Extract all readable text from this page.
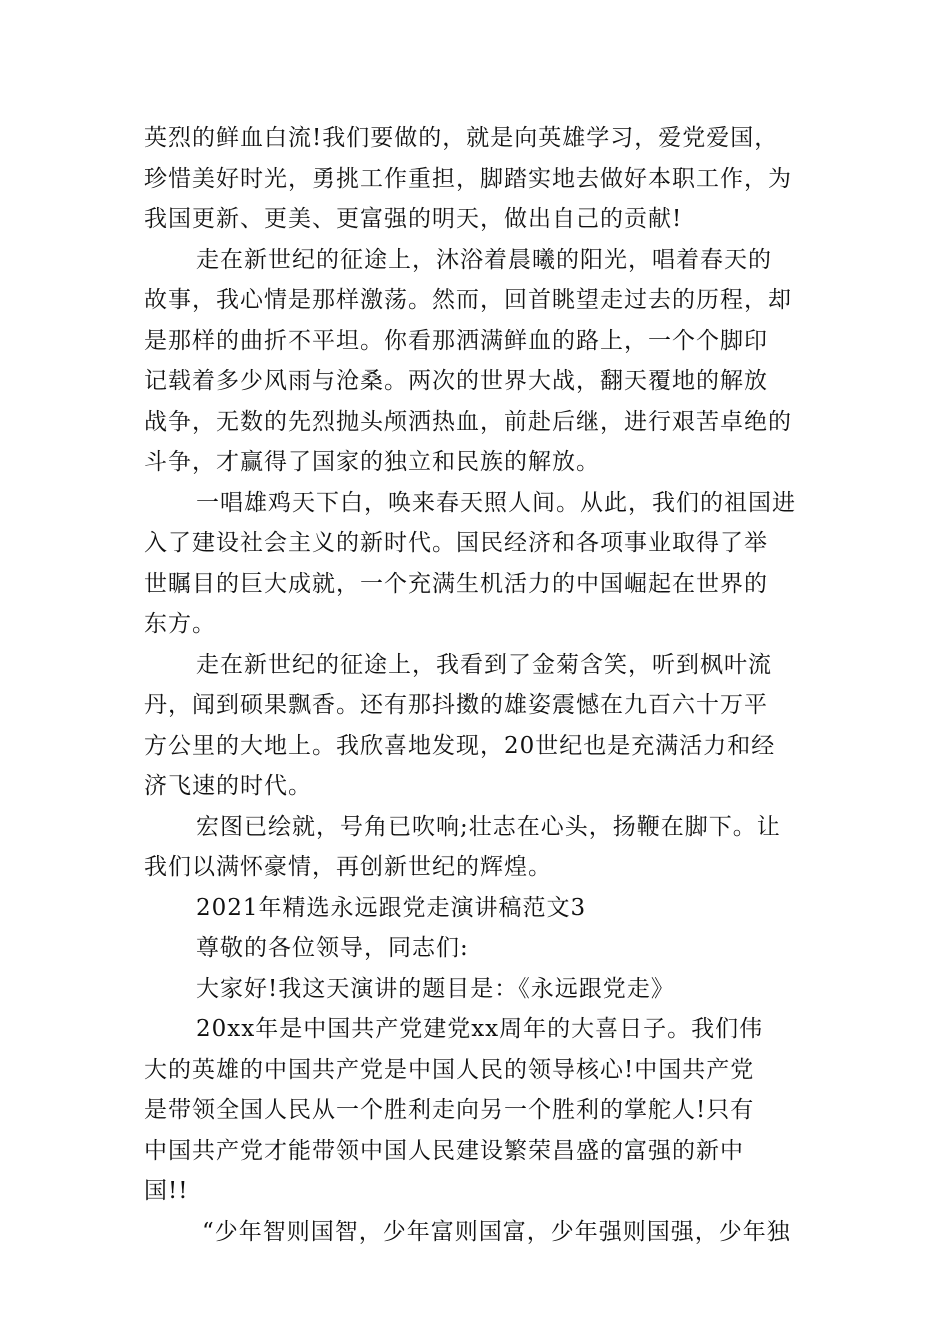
英烈的鲜血白流!我们要做的，就是向英雄学习，爱党爱国，
珍惜美好时光，勇挑工作重担，脚踏实地去做好本职工作，为
我国更新、更美、更富强的明天，做出自己的贡献!
走在新世纪的征途上，沐浴着晨曦的阳光，唱着春天的
故事，我心情是那样激荡。然而，回首眺望走过去的历程，却
是那样的曲折不平坦。你看那洒满鲜血的路上，一个个脚印
记载着多少风雨与沧桑。两次的世界大战，翻天覆地的解放
战争，无数的先烈抛头颅洒热血，前赴后继，进行艰苦卓绝的
斗争，才赢得了国家的独立和民族的解放。
一唱雄鸡天下白，唤来春天照人间。从此，我们的祖国进
入了建设社会主义的新时代。国民经济和各项事业取得了举
世瞩目的巨大成就，一个充满生机活力的中国崛起在世界的
东方。
走在新世纪的征途上，我看到了金菊含笑，听到枫叶流
丹，闻到硕果飘香。还有那抖擞的雄姿震憾在九百六十万平
方公里的大地上。我欣喜地发现，20世纪也是充满活力和经
济飞速的时代。
宏图已绘就，号角已吹响;壮志在心头，扬鞭在脚下。让
我们以满怀豪情，再创新世纪的辉煌。
2021年精选永远跟党走演讲稿范文3
尊敬的各位领导，同志们:
大家好!我这天演讲的题目是：《永远跟党走》
20xx年是中国共产党建党xx周年的大喜日子。我们伟
大的英雄的中国共产党是中国人民的领导核心!中国共产党
是带领全国人民从一个胜利走向另一个胜利的掌舵人!只有
中国共产党才能带领中国人民建设繁荣昌盛的富强的新中
国!!
“少年智则国智，少年富则国富，少年强则国强，少年独
